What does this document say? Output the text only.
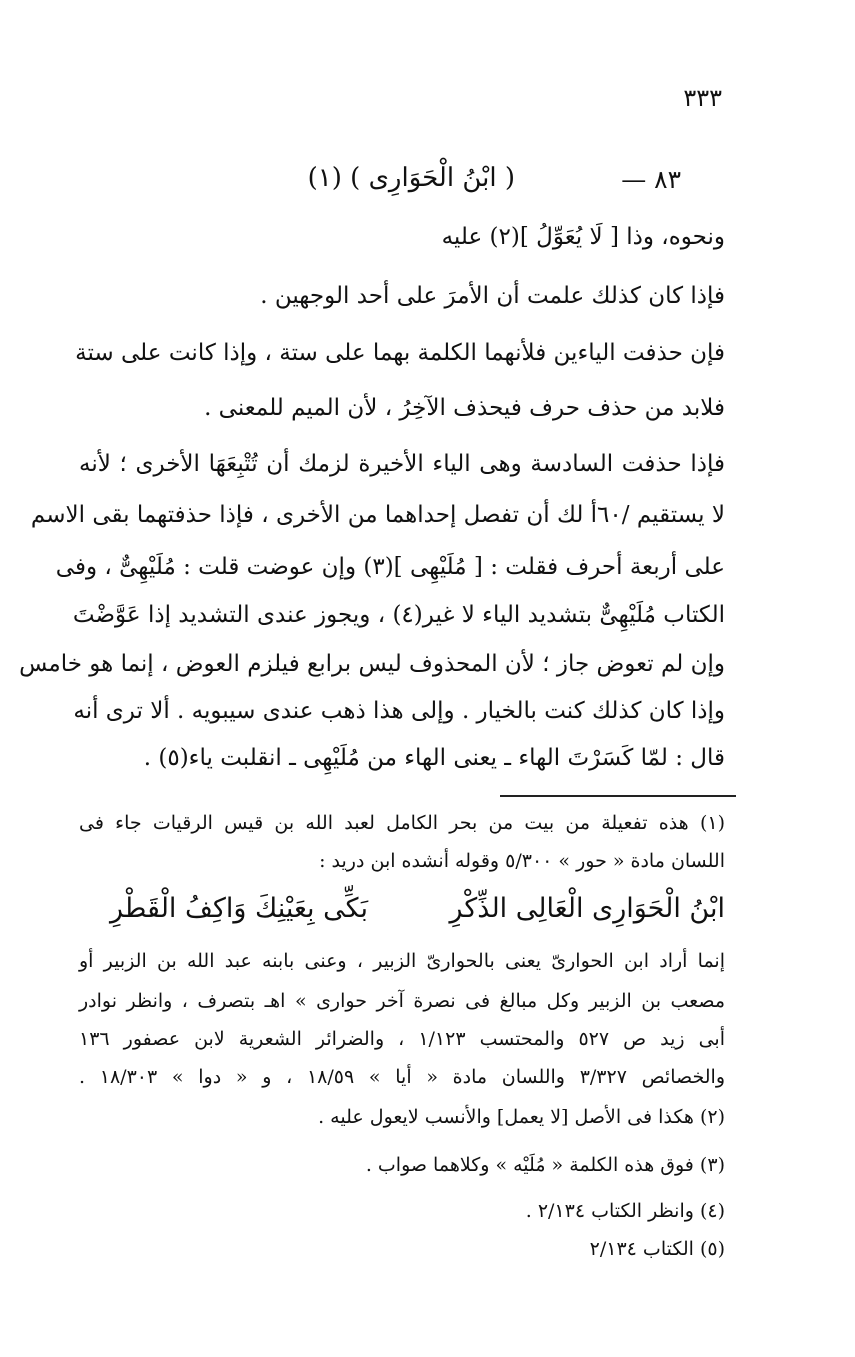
٣٣٣
٨٣ —
( ابْنُ الْحَوَارِى ) (١)
ونحوه، وذا [ لَا يُعَوِّلُ ](٢) عليه
فإذا كان كذلك علمت أن الأمرَ على أحد الوجهين .
فإن حذفت الياءين فلأنهما الكلمة بهما على ستة ، وإذا كانت على ستة
فلابد من حذف حرف فيحذف الآخِرُ ، لأن الميم للمعنى .
فإذا حذفت السادسة وهى الياء الأخيرة لزمك أن تُتْبِعَهَا الأخرى ؛ لأنه
لا يستقيم /٦٠أ لك أن تفصل إحداهما من الأخرى ، فإذا حذفتهما بقى الاسم
على أربعة أحرف فقلت : [ مُلَيْهِى ](٣) وإن عوضت قلت : مُلَيْهِىٌّ ، وفى
الكتاب مُلَيْهِىٌّ بتشديد الياء لا غير(٤) ، ويجوز عندى التشديد إذا عَوَّضْتَ
وإن لم تعوض جاز ؛ لأن المحذوف ليس برابع فيلزم العوض ، إنما هو خامس
وإذا كان كذلك كنت بالخيار . وإلى هذا ذهب عندى سيبويه . ألا ترى أنه
قال : لمّا كَسَرْتَ الهاء ـ يعنى الهاء من مُلَيْهِى ـ انقلبت ياء(٥) .
(١) هذه تفعيلة من بيت من بحر الكامل لعبد الله بن قيس الرقيات جاء فى
اللسان مادة « حور » ٥/٣٠٠ وقوله أنشده ابن دريد :
ابْنُ الْحَوَارِى الْعَالِى الذِّكْرِ
بَكِّى بِعَيْنِكَ وَاكِفُ الْقَطْرِ
إنما أراد ابن الحوارىّ يعنى بالحوارىّ الزبير ، وعنى بابنه عبد الله بن الزبير أو
مصعب بن الزبير وكل مبالغ فى نصرة آخر حوارى » اهـ بتصرف ، وانظر نوادر
أبى زيد ص ٥٢٧ والمحتسب ١/١٢٣ ، والضرائر الشعرية لابن عصفور ١٣٦
والخصائص ٣/٣٢٧ واللسان مادة « أيا » ١٨/٥٩ ، و « دوا » ١٨/٣٠٣ .
(٢) هكذا فى الأصل [لا يعمل] والأنسب لايعول عليه .
(٣) فوق هذه الكلمة « مُلَيْه » وكلاهما صواب .
(٤) وانظر الكتاب ٢/١٣٤ .
(٥) الكتاب ٢/١٣٤
